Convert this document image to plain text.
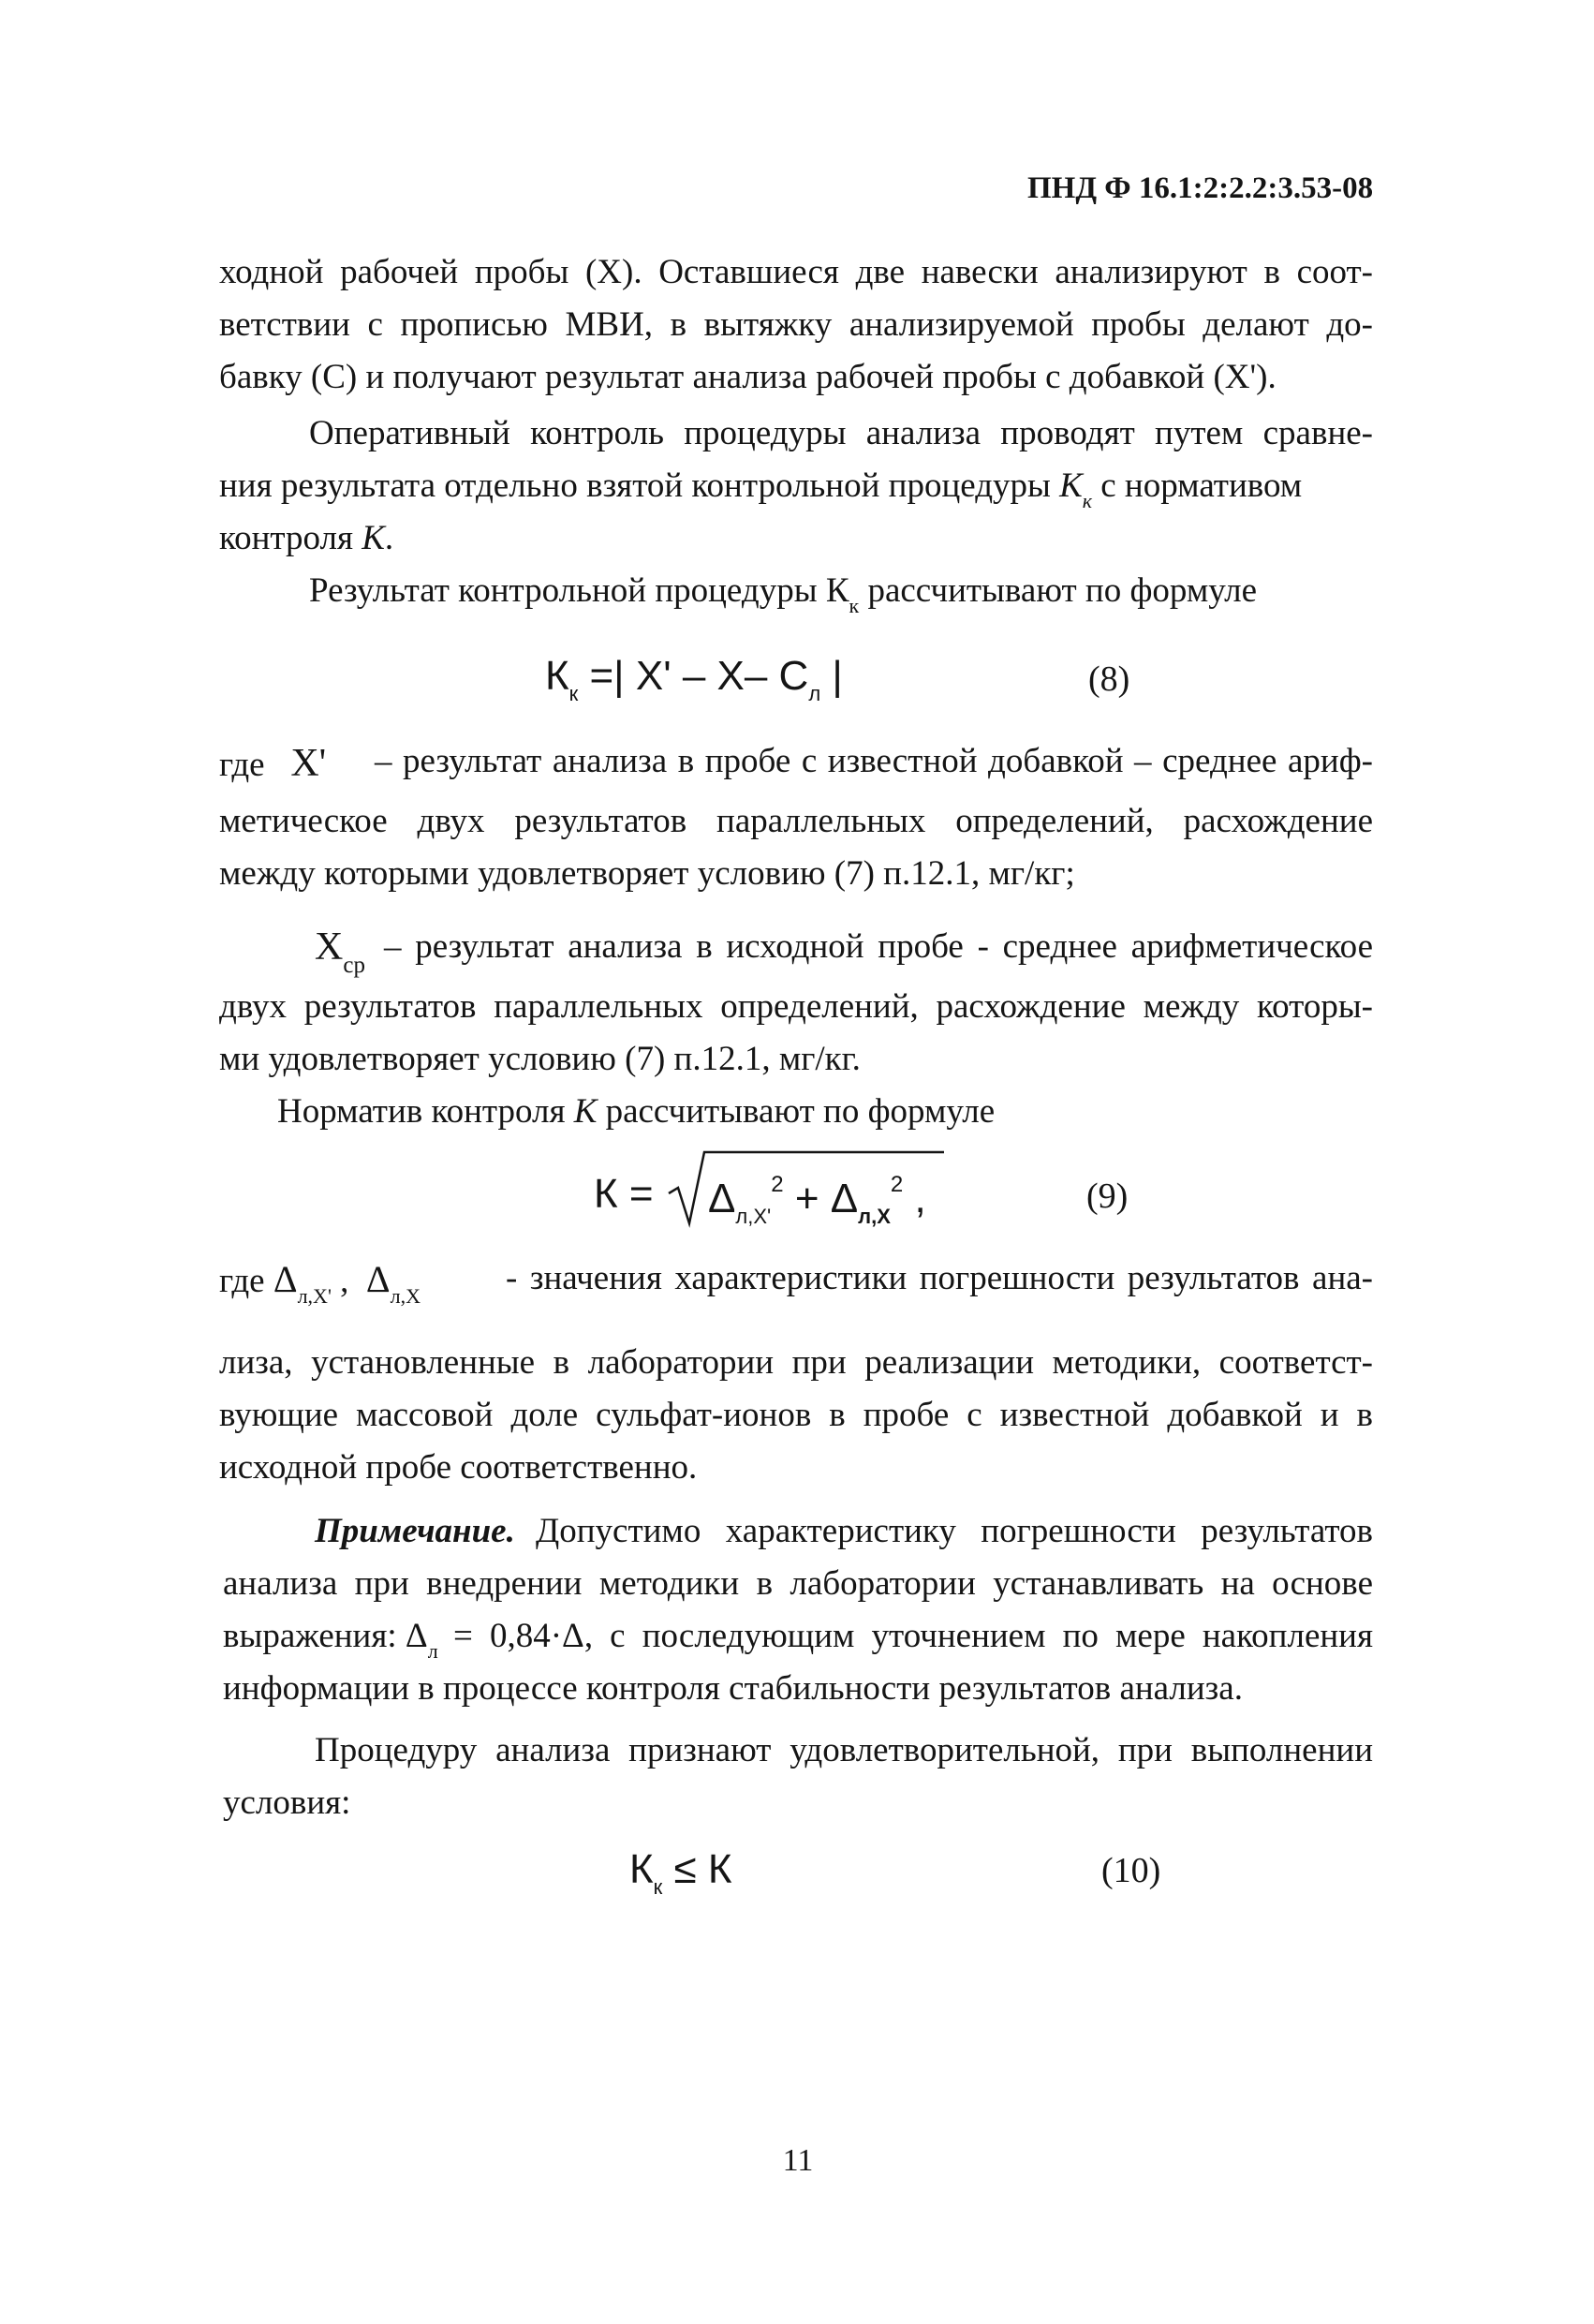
ПНД Ф 16.1:2:2.2:3.53-08
ходной рабочей пробы (Х). Оставшиеся две навески анализируют в соот-
ветствии с прописью МВИ, в вытяжку анализируемой пробы делают до-
бавку (С) и получают результат анализа рабочей пробы с добавкой (Х').
Оперативный контроль процедуры анализа проводят путем сравне-
ния результата отдельно взятой контрольной процедуры $К_к$ с нормативом
контроля К.
Результат контрольной процедуры $К_к$ рассчитывают по формуле
$К_к$ =| Х' – Х– $С_л$ |	(8)
где Х'	– результат анализа в пробе с известной добавкой – среднее ариф-
метическое двух результатов параллельных определений, расхождение
между которыми удовлетворяет условию (7) п.12.1, мг/кг;
$Х_{ср}$ – результат анализа в исходной пробе - среднее арифметическое
двух результатов параллельных определений, расхождение между которы-
ми удовлетворяет условию (7) п.12.1, мг/кг.
Норматив контроля К рассчитывают по формуле
$К = \Delta_{л,Х'}^2 + \Delta_{л,Х}^2$ ,	(9)
где $\Delta_{л,Х'}$ , $\Delta_{л,Х}$ - значения характеристики погрешности результатов ана-
лиза, установленные в лаборатории при реализации методики, соответст-
вующие массовой доле сульфат-ионов в пробе с известной добавкой и в
исходной пробе соответственно.
Примечание. Допустимо характеристику погрешности результатов
анализа при внедрении методики в лаборатории устанавливать на основе
выражения: $\Delta_л = 0,84\cdot\Delta$, с последующим уточнением по мере накопления
информации в процессе контроля стабильности результатов анализа.
Процедуру анализа признают удовлетворительной, при выполнении
условия:
$К_к \le К$	(10)
11
